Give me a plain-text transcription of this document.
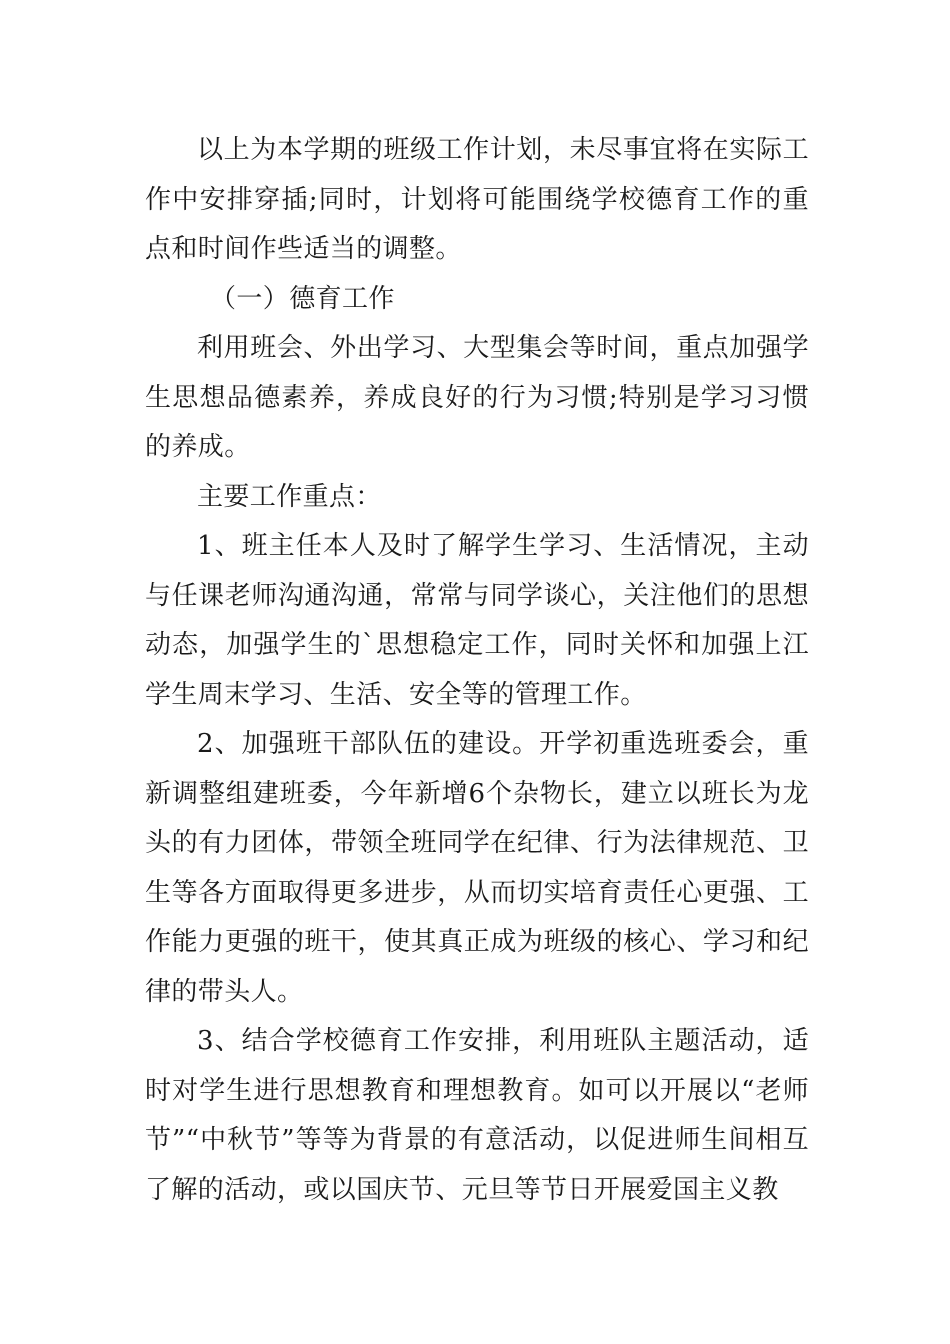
以上为本学期的班级工作计划，未尽事宜将在实际工作中安排穿插;同时，计划将可能围绕学校德育工作的重点和时间作些适当的调整。

（一）德育工作

利用班会、外出学习、大型集会等时间，重点加强学生思想品德素养，养成良好的行为习惯;特别是学习习惯的养成。

主要工作重点：

1、班主任本人及时了解学生学习、生活情况，主动与任课老师沟通沟通，常常与同学谈心，关注他们的思想动态，加强学生的`思想稳定工作，同时关怀和加强上江学生周末学习、生活、安全等的管理工作。

2、加强班干部队伍的建设。开学初重选班委会，重新调整组建班委，今年新增6个杂物长，建立以班长为龙头的有力团体，带领全班同学在纪律、行为法律规范、卫生等各方面取得更多进步，从而切实培育责任心更强、工作能力更强的班干，使其真正成为班级的核心、学习和纪律的带头人。

3、结合学校德育工作安排，利用班队主题活动，适时对学生进行思想教育和理想教育。如可以开展以“老师节”“中秋节”等等为背景的有意活动，以促进师生间相互了解的活动，或以国庆节、元旦等节日开展爱国主义教
